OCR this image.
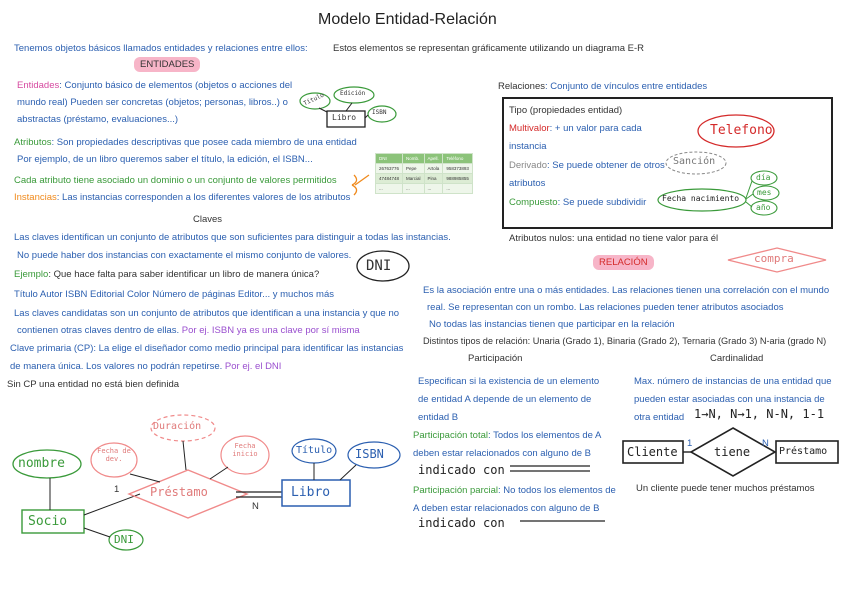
Modelo Entidad-Relación
Tenemos objetos básicos llamados entidades y relaciones entre ellos:	Estos elementos se representan gráficamente utilizando un diagrama E-R
ENTIDADES
Entidades: Conjunto básico de elementos (objetos o acciones del
mundo real) Pueden ser concretas (objetos; personas, libros..) o
abstractas (préstamo, evaluaciones...)
Atributos: Son propiedades descriptivas que posee cada miembro de una entidad
Por ejemplo, de un libro queremos saber el título, la edición, el ISBN...
Cada atributo tiene asociado un dominio o un conjunto de valores permitidos
Instancias: Las instancias corresponden a los diferentes valores de los atributos
DNI	Nomb.	Apell.	Teléfono
26763776	Pepe	Artola	958373893
47484748	Marcial	Pina	988985855
...	...	...	...
Título Edición
ISBN
Libro
Claves
Las claves identifican un conjunto de atributos que son suficientes para distinguir a todas las instancias.
No puede haber dos instancias con exactamente el mismo conjunto de valores.
Ejemplo: Que hace falta para saber identificar un libro de manera única?
Título Autor ISBN Editorial Color Número de páginas Editor... y muchos más
Las claves candidatas son un conjunto de atributos que identifican a una instancia y que no
contienen otras claves dentro de ellas. Por ej. ISBN ya es una clave por sí misma
Clave primaria (CP): La elige el diseñador como medio principal para identificar las instancias
de manera única. Los valores no podrán repetirse. Por ej. el DNI
Sin CP una entidad no está bien definida
DNI
Relaciones: Conjunto de vínculos entre entidades
Tipo (propiedades entidad)
Multivalor: + un valor para cada
instancia
Derivado: Se puede obtener de otros
atributos
Compuesto: Se puede subdividir
Telefono
Sanción
Fecha nacimiento
día
mes
año
Atributos nulos: una entidad no tiene valor para él
RELACIÓN	compra
Es la asociación entre una o más entidades. Las relaciones tienen una correlación con el mundo
real. Se representan con un rombo. Las relaciones pueden tener atributos asociados
No todas las instancias tienen que participar en la relación
Distintos tipos de relación: Unaria (Grado 1), Binaria (Grado 2), Ternaria (Grado 3) N-aria (grado N)
Participación
Especifican si la existencia de un elemento
de entidad A depende de un elemento de
entidad B
Participación total: Todos los elementos de A
deben estar relacionados con alguno de B
indicado con
Participación parcial: No todos los elementos de
A deben estar relacionados con alguno de B
indicado con
Cardinalidad
Max. número de instancias de una entidad que
pueden estar asociadas con una instancia de
otra entidad 1→N, N→1, N-N, 1-1
Cliente	tiene	Préstamo
1	N
Un cliente puede tener muchos préstamos
Socio
nombre
DNI
Préstamo
Duración
Fecha de dev.
Fecha inicio
Libro
Título ISBN
1
N
